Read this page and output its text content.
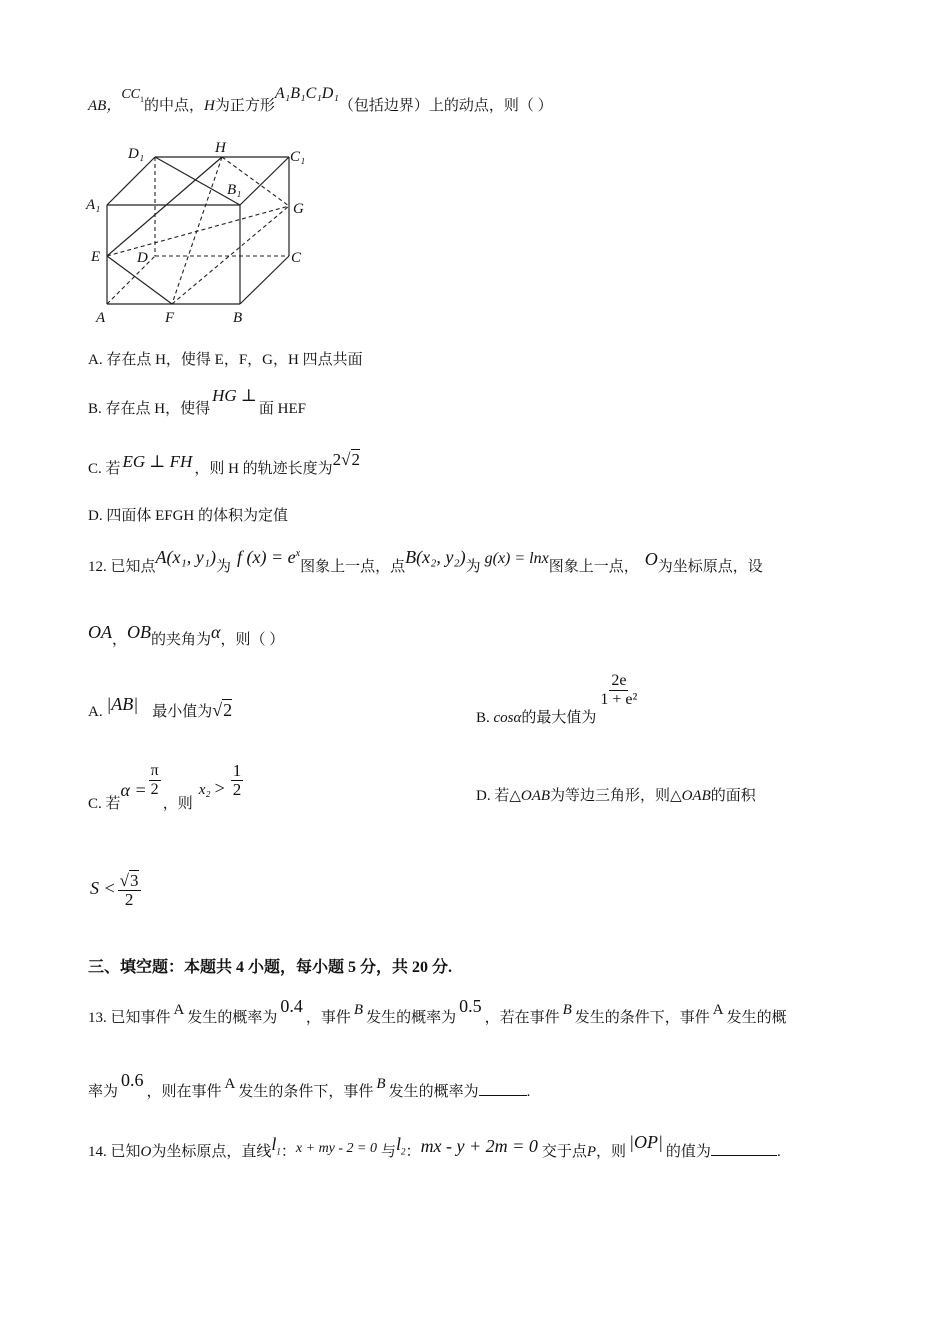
AB，$CC_1$的中点，H为正方形A₁B₁C₁D₁（包括边界）上的动点，则（ ）
D₁	H
C₁
B₁
A₁	G
E D	C
A	F	B
A. 存在点 H，使得 E，F，G，H 四点共面
B. 存在点 H，使得HG ⊥面 HEF
C. 若 EG ⊥ FH ，则 H 的轨迹长度为2√2
D. 四面体 EFGH 的体积为定值
12. 已知点A(x₁, y₁)为 f $(x) = e^x$图象上一点，点B(x₂, y₂)为 g(x) = lnx图象上一点， O为坐标原点，设
OA，OB的夹角为α，则（ ）
A. |AB| 最小值为√2	B. cosα的最大值为
$\frac{2e}{\text{1 + e²}}$
C. 若$\alpha = \frac{\pi}{2}$
，则$x_2 > \frac{1}{2}$	D. 若△OAB为等边三角形，则△OAB的面积
$S < \frac{√3}{2}$
三、填空题：本题共 4 小题，每小题 5 分，共 20 分.
13. 已知事件 A 发生的概率为0.4，事件 B 发生的概率为0.5，若在事件 B 发生的条件下，事件 A 发生的概
率为0.6，则在事件 A 发生的条件下，事件 B 发生的概率为	.
14. 已知O为坐标原点，直线$l_1$：x + my - 2 = 0 与$l_2$：mx - y + 2m = 0 交于点P，则 |OP| 的值为	.
